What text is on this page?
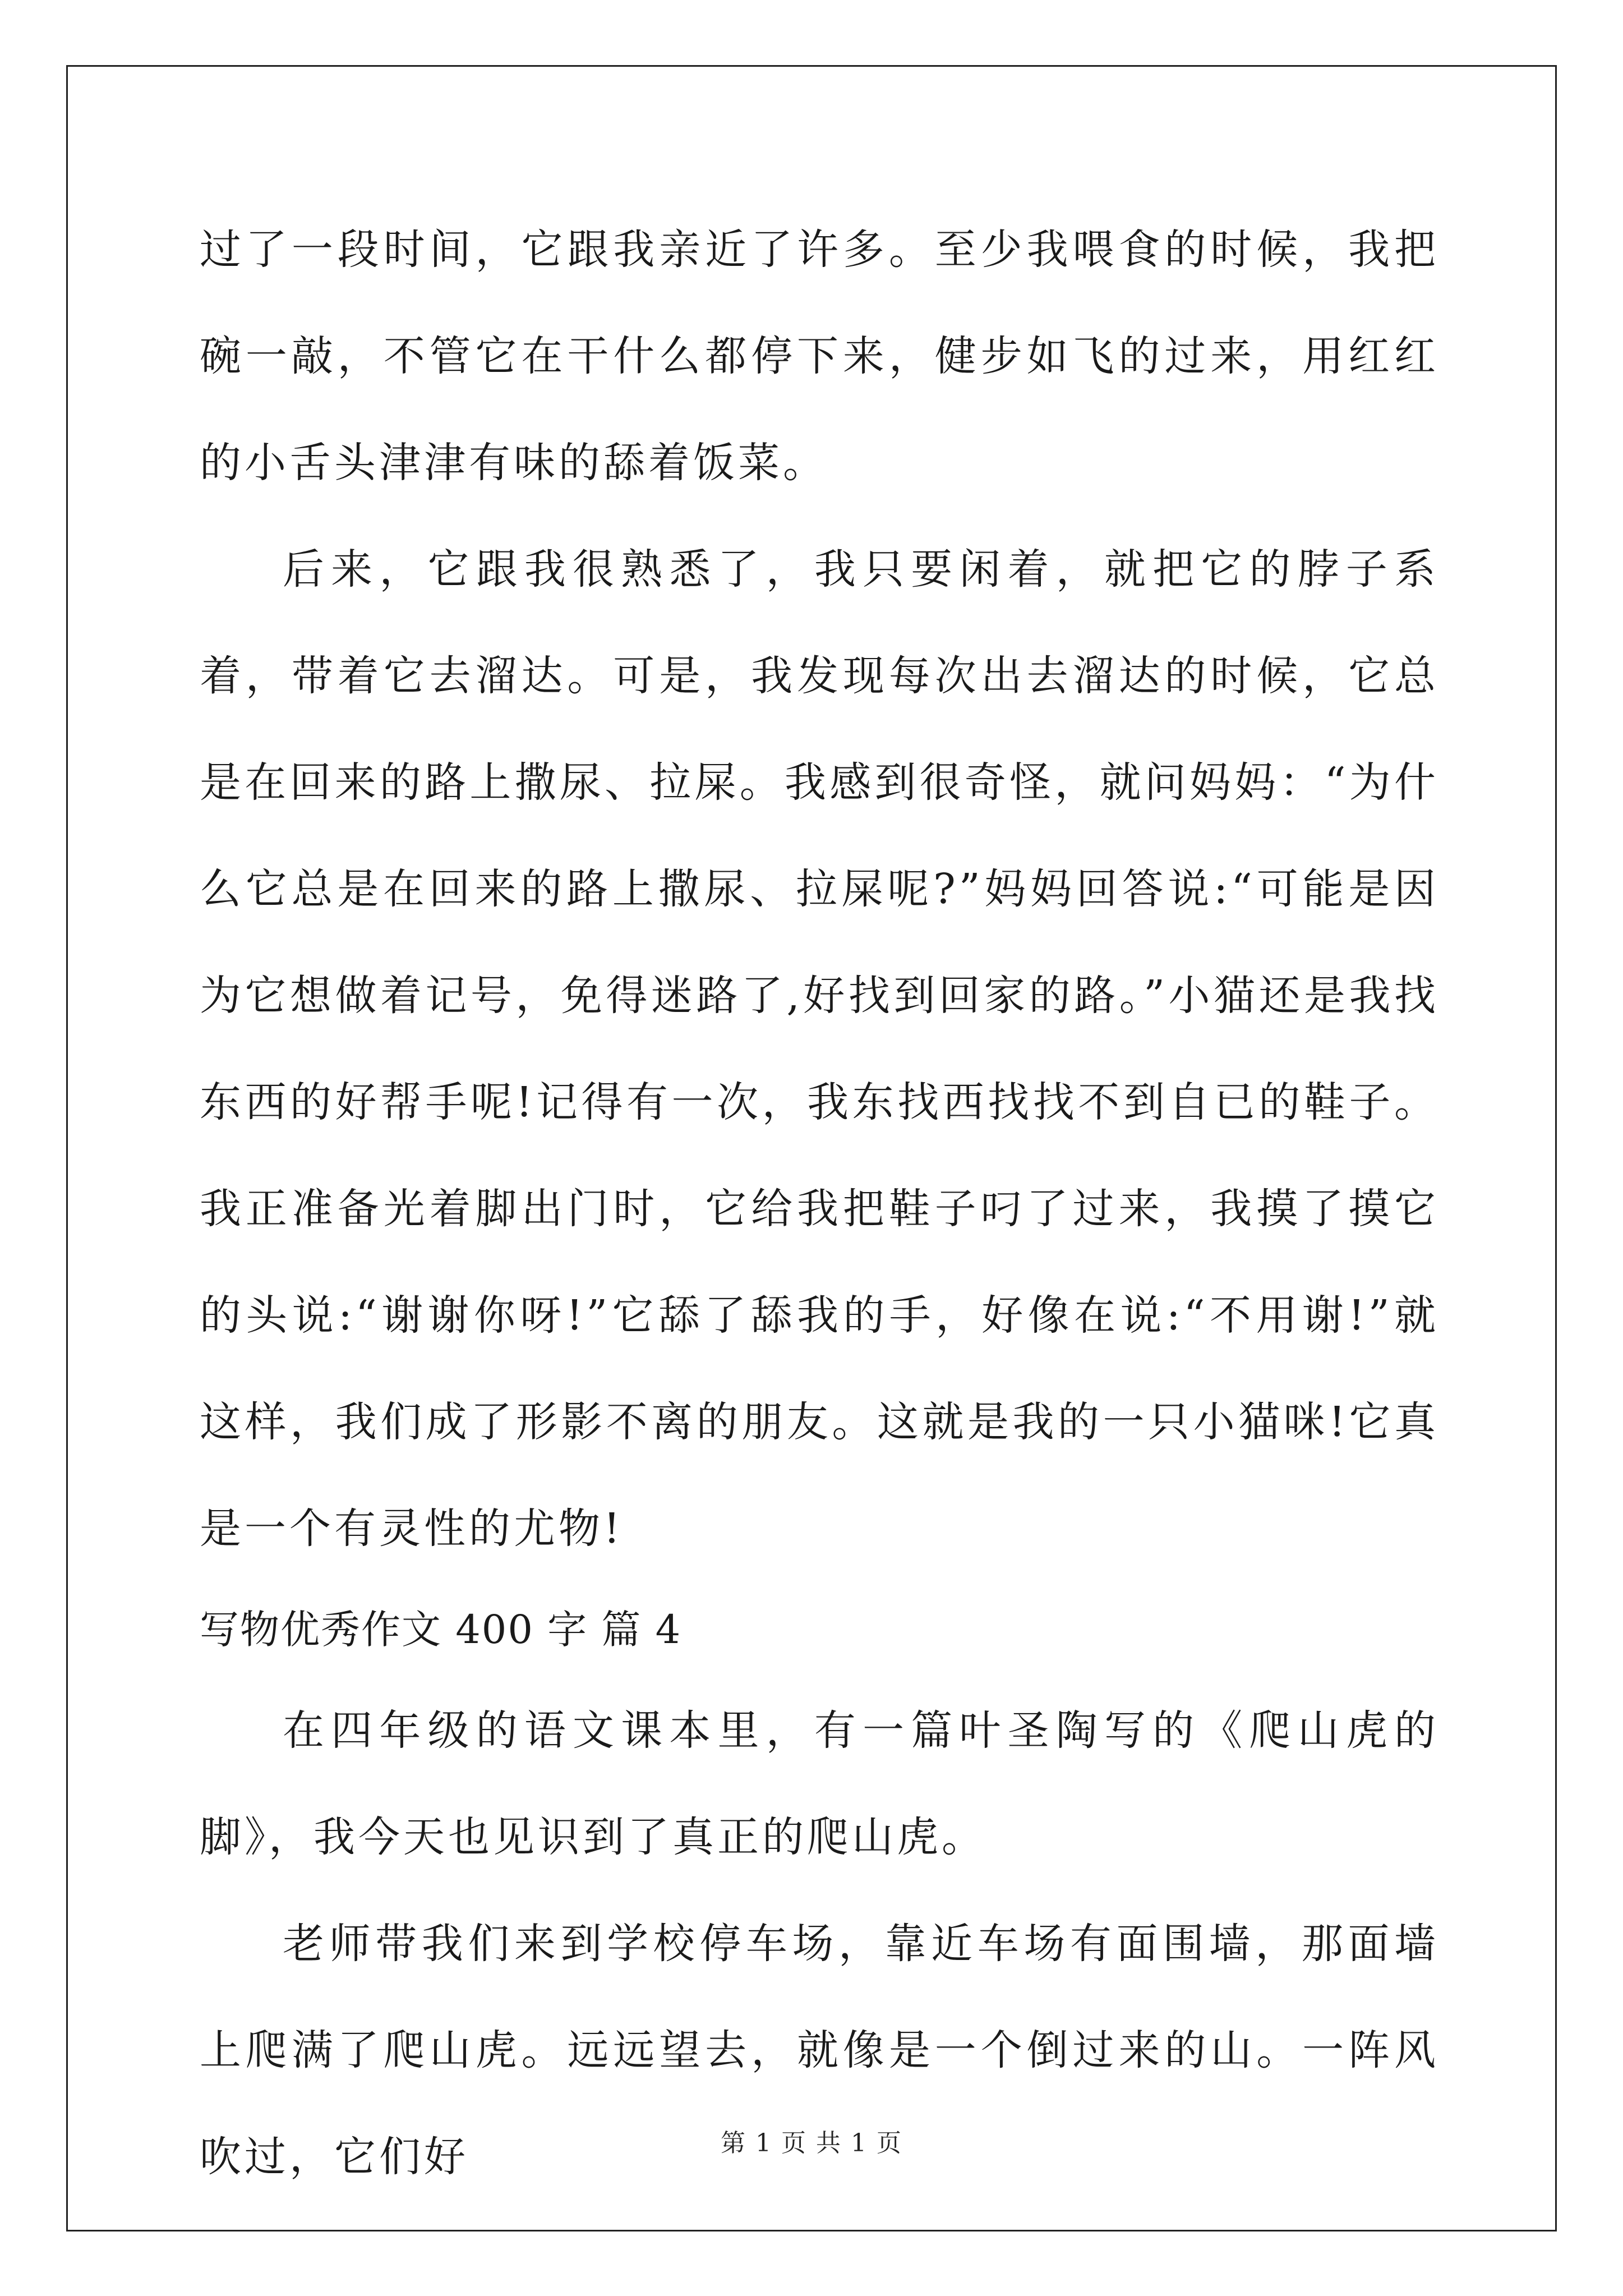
过了一段时间，它跟我亲近了许多。至少我喂食的时候，我把碗一敲，不管它在干什么都停下来，健步如飞的过来，用红红的小舌头津津有味的舔着饭菜。

后来，它跟我很熟悉了，我只要闲着，就把它的脖子系着，带着它去溜达。可是，我发现每次出去溜达的时候，它总是在回来的路上撒尿、拉屎。我感到很奇怪，就问妈妈：“为什么它总是在回来的路上撒尿、拉屎呢?”妈妈回答说:“可能是因为它想做着记号，免得迷路了,好找到回家的路。”小猫还是我找东西的好帮手呢!记得有一次，我东找西找找不到自已的鞋子。我正准备光着脚出门时，它给我把鞋子叼了过来，我摸了摸它的头说:“谢谢你呀!”它舔了舔我的手，好像在说:“不用谢!”就这样，我们成了形影不离的朋友。这就是我的一只小猫咪!它真是一个有灵性的尤物!

写物优秀作文 400 字 篇 4

在四年级的语文课本里，有一篇叶圣陶写的《爬山虎的脚》，我今天也见识到了真正的爬山虎。

老师带我们来到学校停车场，靠近车场有面围墙，那面墙上爬满了爬山虎。远远望去，就像是一个倒过来的山。一阵风吹过，它们好	第 1 页 共 1 页
